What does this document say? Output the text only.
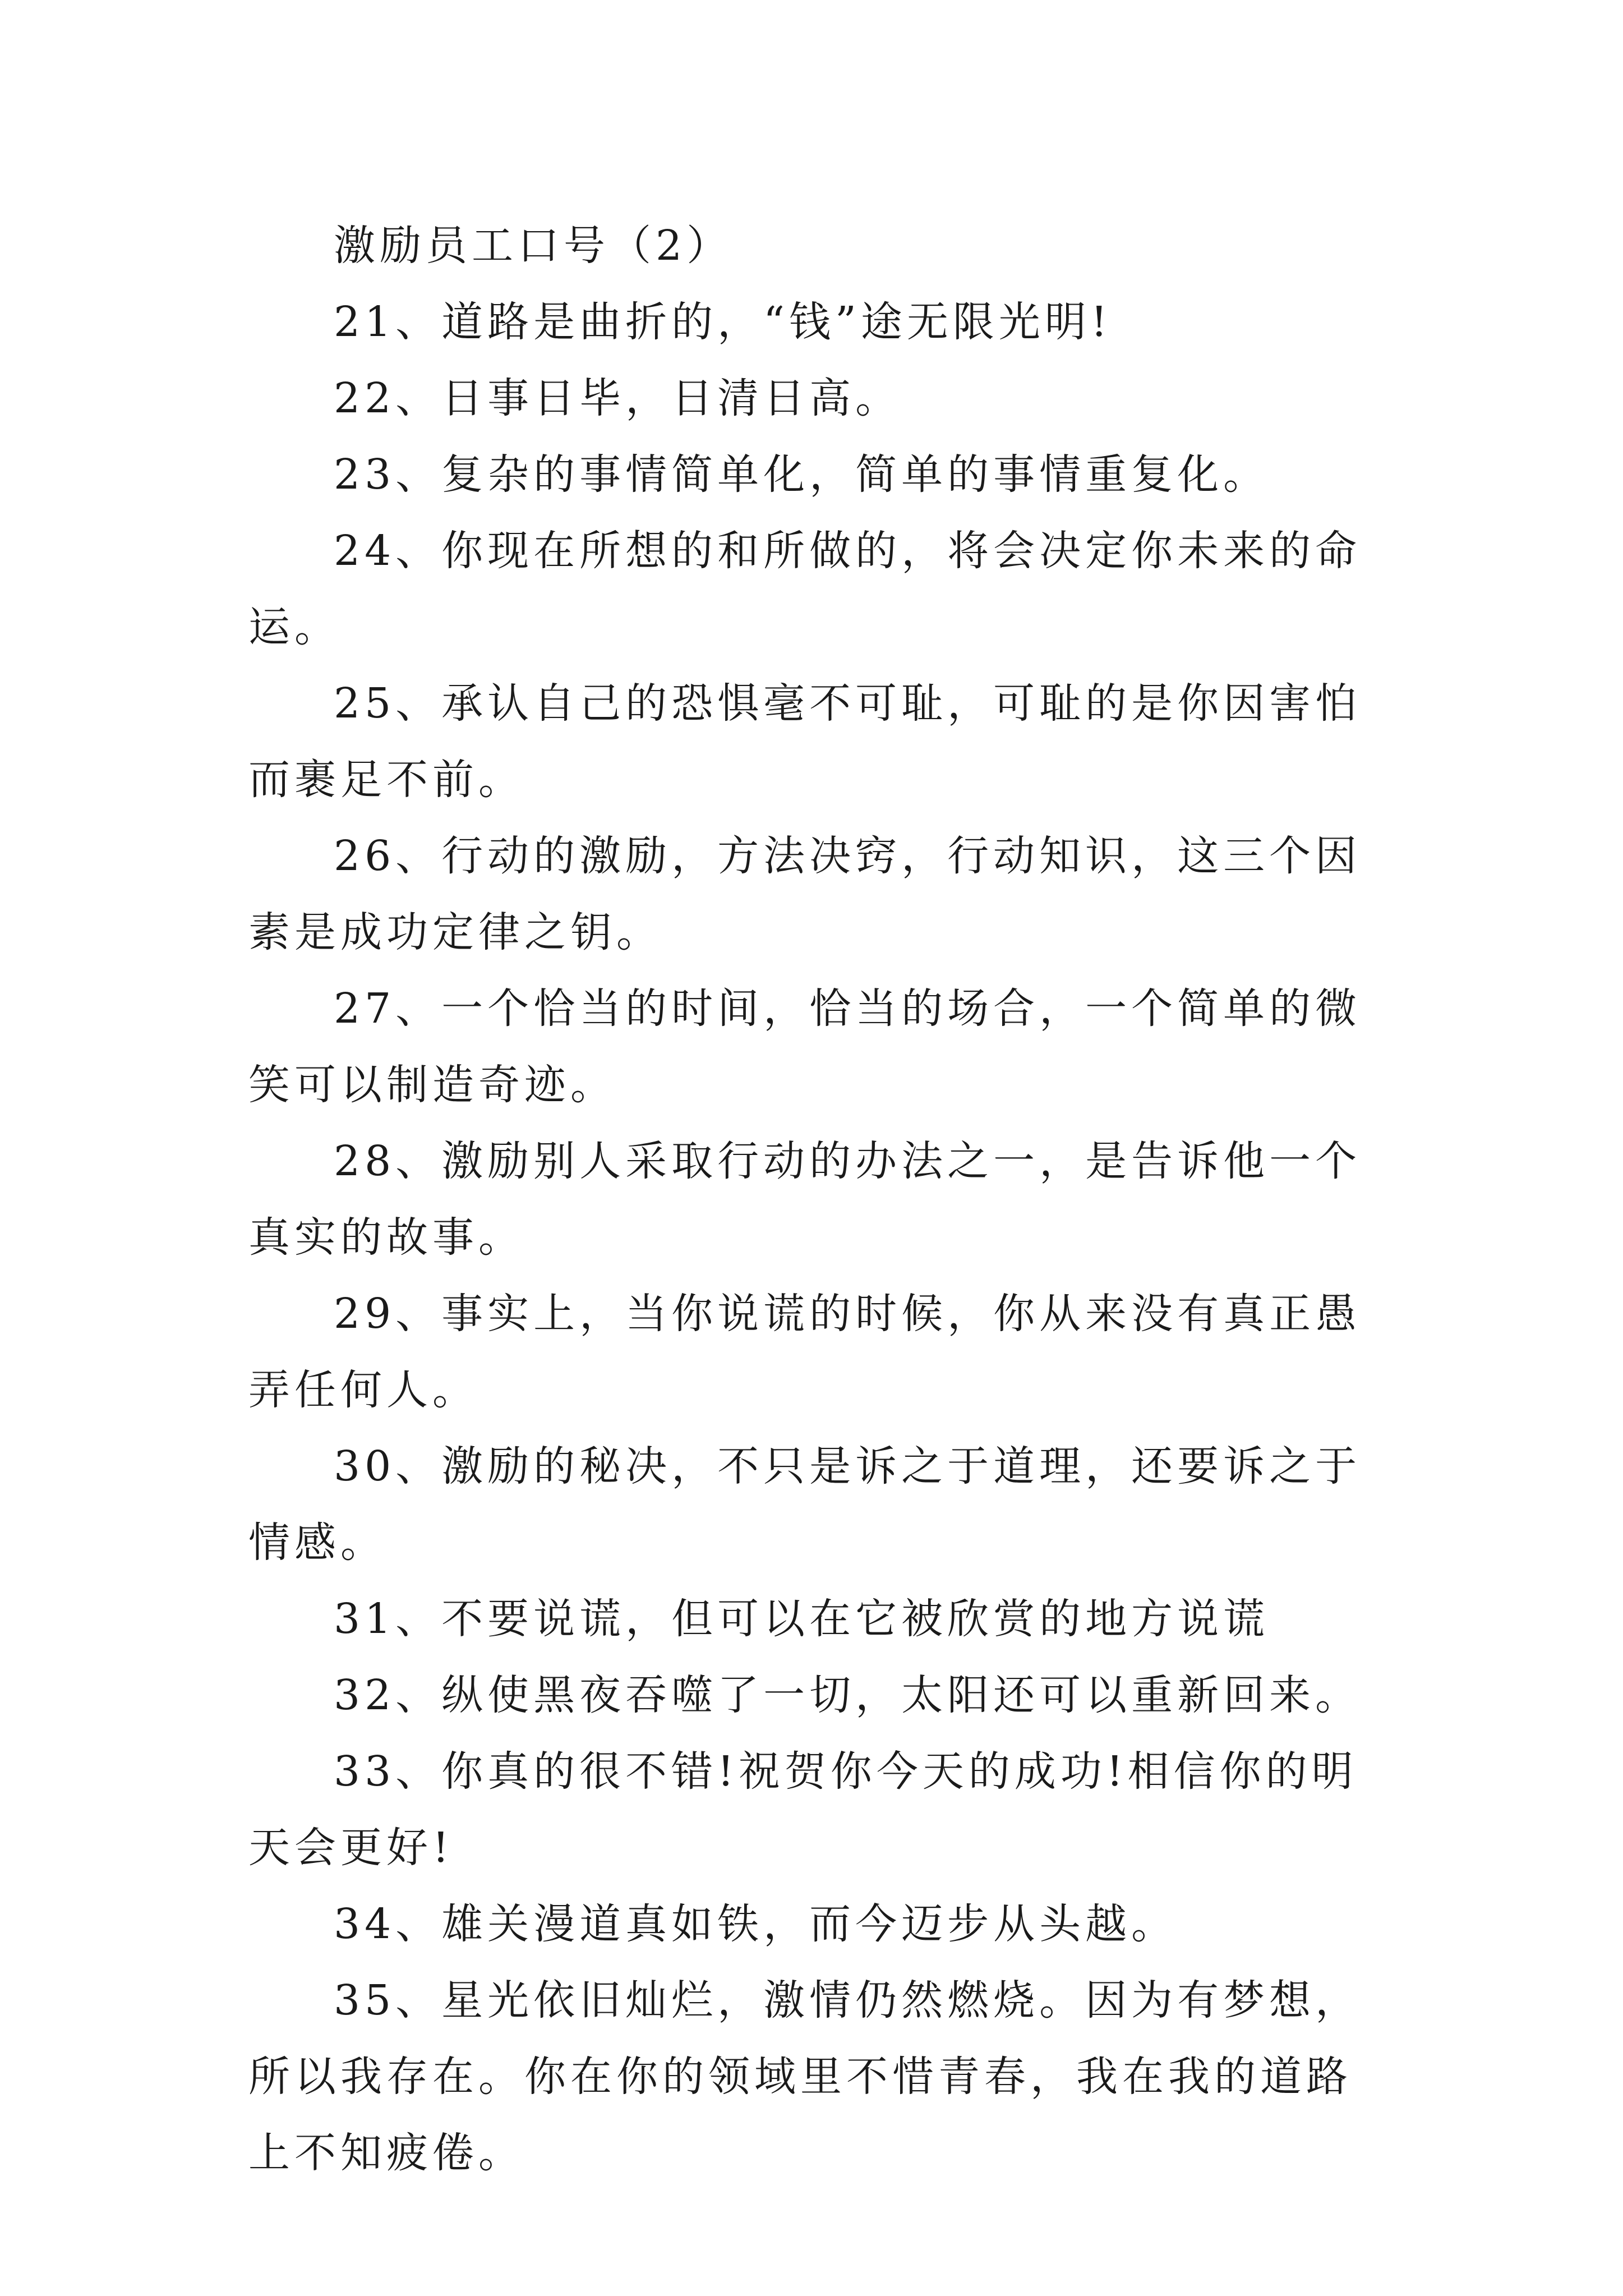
激励员工口号（2）

21、道路是曲折的，“钱”途无限光明!

22、日事日毕，日清日高。

23、复杂的事情简单化，简单的事情重复化。

24、你现在所想的和所做的，将会决定你未来的命运。

25、承认自己的恐惧毫不可耻，可耻的是你因害怕而裹足不前。

26、行动的激励，方法决窍，行动知识，这三个因素是成功定律之钥。

27、一个恰当的时间，恰当的场合，一个简单的微笑可以制造奇迹。

28、激励别人采取行动的办法之一，是告诉他一个真实的故事。

29、事实上，当你说谎的时候，你从来没有真正愚弄任何人。

30、激励的秘决，不只是诉之于道理，还要诉之于情感。

31、不要说谎，但可以在它被欣赏的地方说谎

32、纵使黑夜吞噬了一切，太阳还可以重新回来。

33、你真的很不错!祝贺你今天的成功!相信你的明天会更好!

34、雄关漫道真如铁，而今迈步从头越。

35、星光依旧灿烂，激情仍然燃烧。因为有梦想，所以我存在。你在你的领域里不惜青春，我在我的道路上不知疲倦。
